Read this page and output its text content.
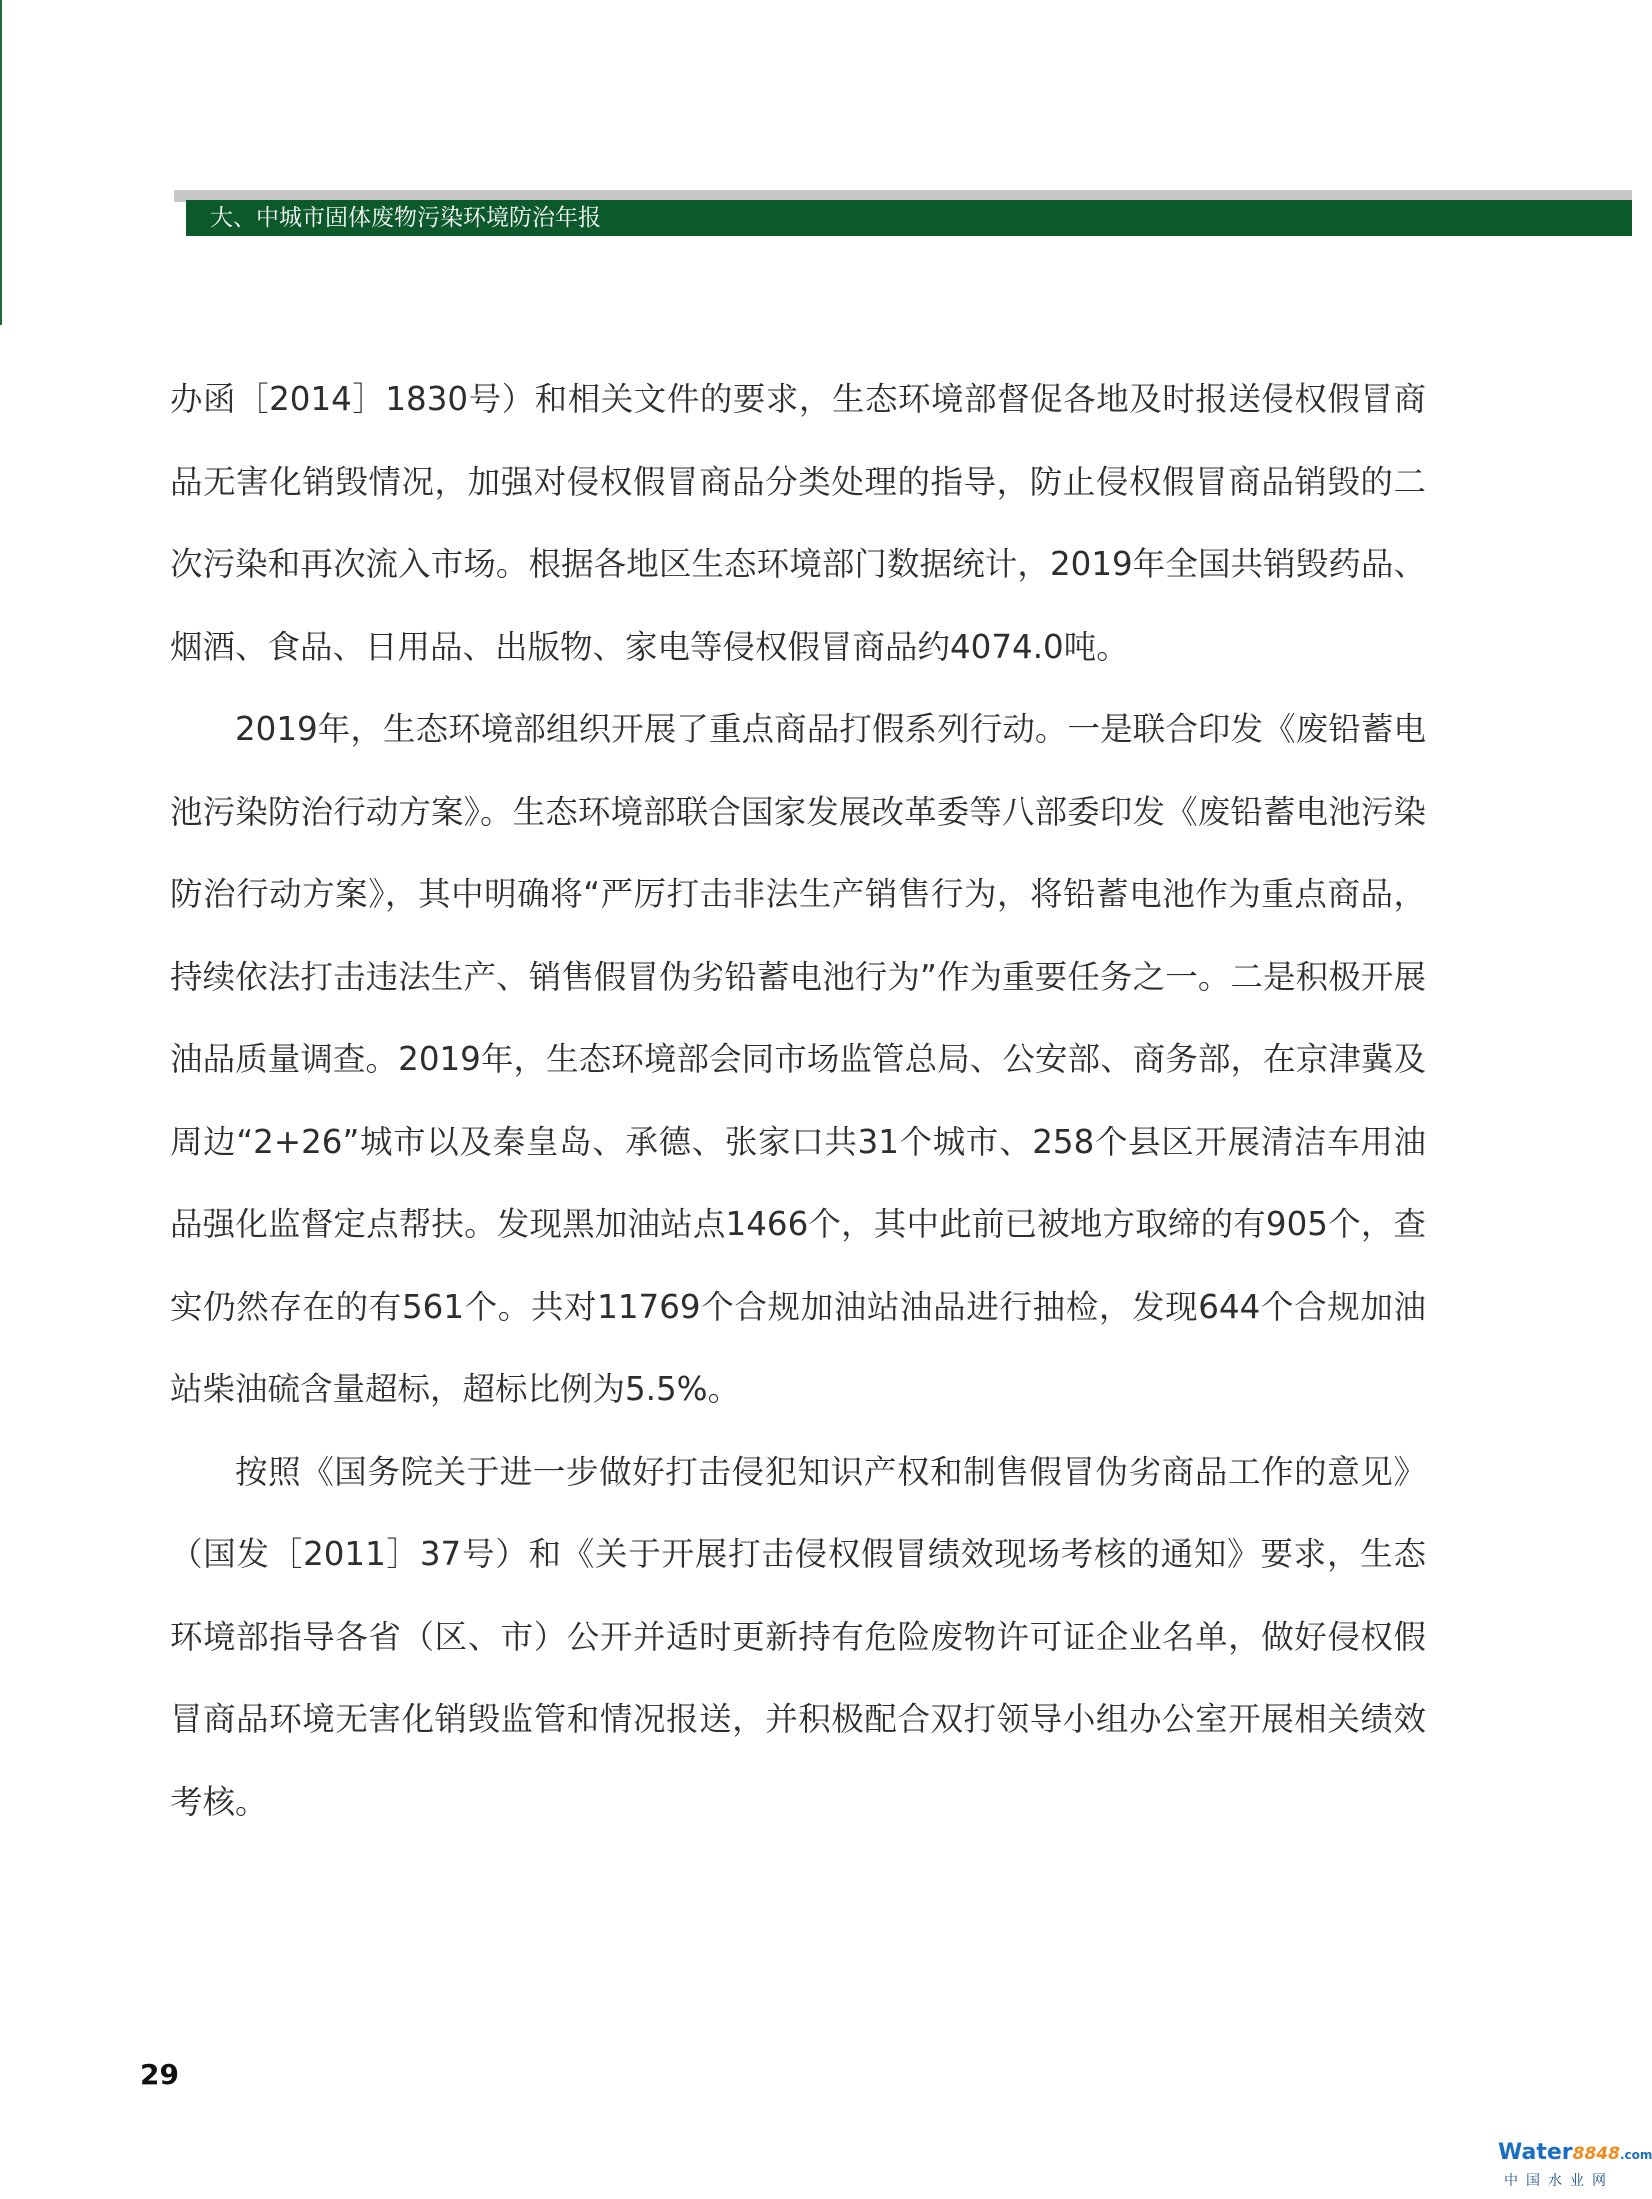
大、中城市固体废物污染环境防治年报

办函［2014］1830号）和相关文件的要求，生态环境部督促各地及时报送侵权假冒商品无害化销毁情况，加强对侵权假冒商品分类处理的指导，防止侵权假冒商品销毁的二次污染和再次流入市场。根据各地区生态环境部门数据统计，2019年全国共销毁药品、烟酒、食品、日用品、出版物、家电等侵权假冒商品约4074.0吨。

2019年，生态环境部组织开展了重点商品打假系列行动。一是联合印发《废铅蓄电池污染防治行动方案》。生态环境部联合国家发展改革委等八部委印发《废铅蓄电池污染防治行动方案》，其中明确将“严厉打击非法生产销售行为，将铅蓄电池作为重点商品，持续依法打击违法生产、销售假冒伪劣铅蓄电池行为”作为重要任务之一。二是积极开展油品质量调查。2019年，生态环境部会同市场监管总局、公安部、商务部，在京津冀及周边“2+26”城市以及秦皇岛、承德、张家口共31个城市、258个县区开展清洁车用油品强化监督定点帮扶。发现黑加油站点1466个，其中此前已被地方取缔的有905个，查实仍然存在的有561个。共对11769个合规加油站油品进行抽检，发现644个合规加油站柴油硫含量超标，超标比例为5.5%。

按照《国务院关于进一步做好打击侵犯知识产权和制售假冒伪劣商品工作的意见》（国发［2011］37号）和《关于开展打击侵权假冒绩效现场考核的通知》要求，生态环境部指导各省（区、市）公开并适时更新持有危险废物许可证企业名单，做好侵权假冒商品环境无害化销毁监管和情况报送，并积极配合双打领导小组办公室开展相关绩效考核。

29
Water8848.com
中国水业网
